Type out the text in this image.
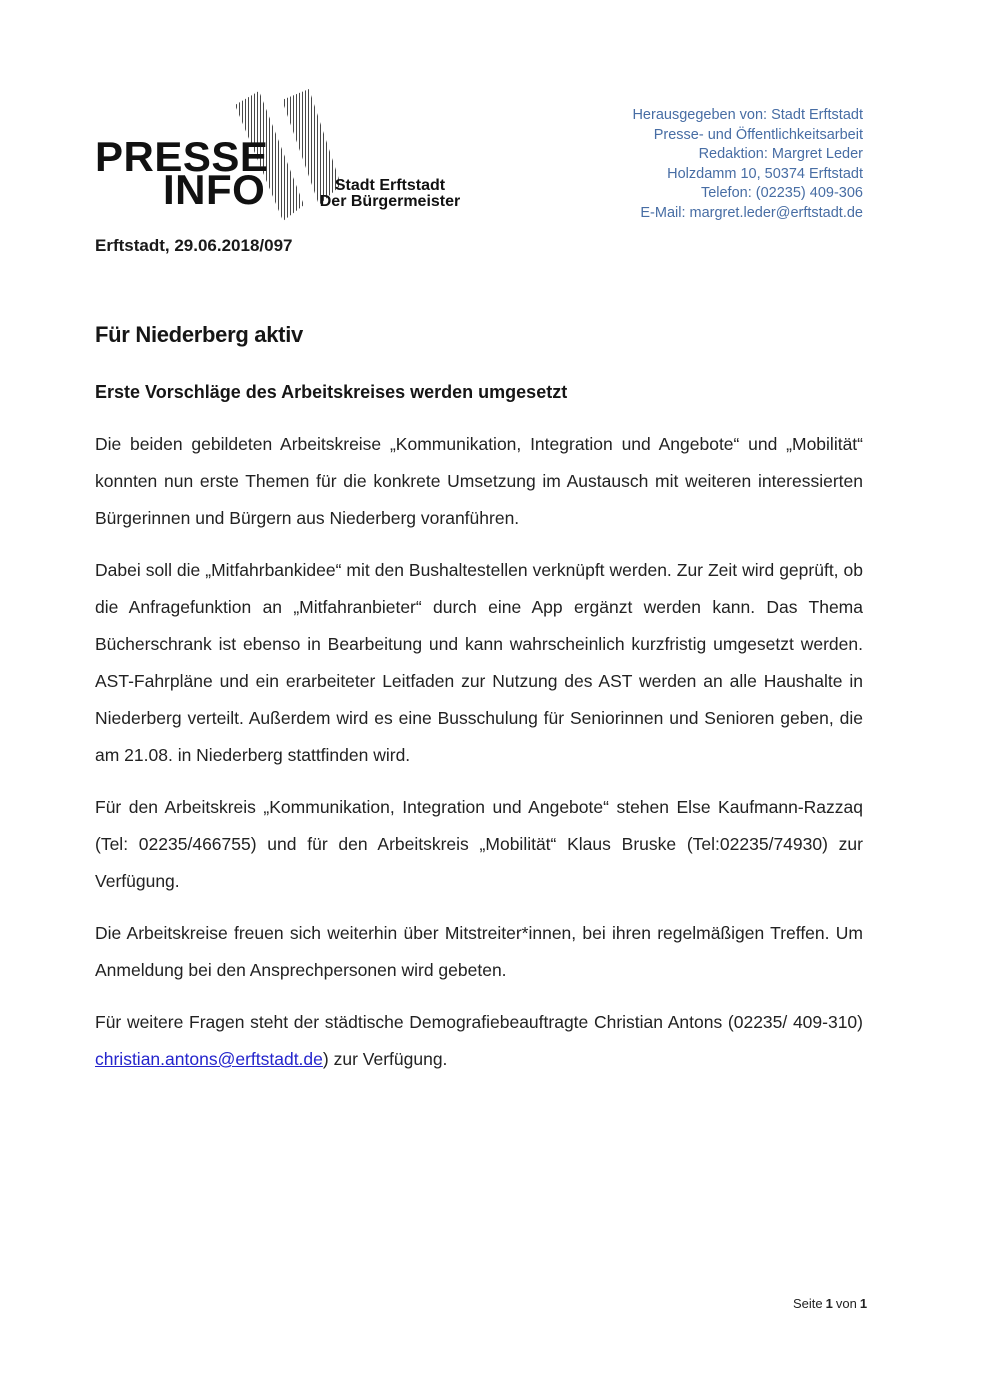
PRESSE
INFO	Stadt Erftstadt
Der Bürgermeister
Herausgegeben von: Stadt Erftstadt
Presse- und Öffentlichkeitsarbeit
Redaktion: Margret Leder
Holzdamm 10, 50374 Erftstadt
Telefon: (02235) 409-306
E-Mail: margret.leder@erftstadt.de
Erftstadt, 29.06.2018/097
Für Niederberg aktiv
Erste Vorschläge des Arbeitskreises werden umgesetzt

Die beiden gebildeten Arbeitskreise „Kommunikation, Integration und Angebote“ und „Mobilität“ konnten nun erste Themen für die konkrete Umsetzung im Austausch mit weiteren interessierten Bürgerinnen und Bürgern aus Niederberg voranführen.

Dabei soll die „Mitfahrbankidee“ mit den Bushaltestellen verknüpft werden. Zur Zeit wird geprüft, ob die Anfragefunktion an „Mitfahranbieter“ durch eine App ergänzt werden kann. Das Thema Bücherschrank ist ebenso in Bearbeitung und kann wahrscheinlich kurzfristig umgesetzt werden. AST-Fahrpläne und ein erarbeiteter Leitfaden zur Nutzung des AST werden an alle Haushalte in Niederberg verteilt. Außerdem wird es eine Busschulung für Seniorinnen und Senioren geben, die am 21.08. in Niederberg stattfinden wird.

Für den Arbeitskreis „Kommunikation, Integration und Angebote“ stehen Else Kaufmann-Razzaq (Tel: 02235/466755) und für den Arbeitskreis „Mobilität“ Klaus Bruske (Tel:02235/74930) zur Verfügung.

Die Arbeitskreise freuen sich weiterhin über Mitstreiter*innen, bei ihren regelmäßigen Treffen. Um Anmeldung bei den Ansprechpersonen wird gebeten.

Für weitere Fragen steht der städtische Demografiebeauftragte Christian Antons (02235/ 409-310) christian.antons@erftstadt.de) zur Verfügung.

Seite 1 von 1
